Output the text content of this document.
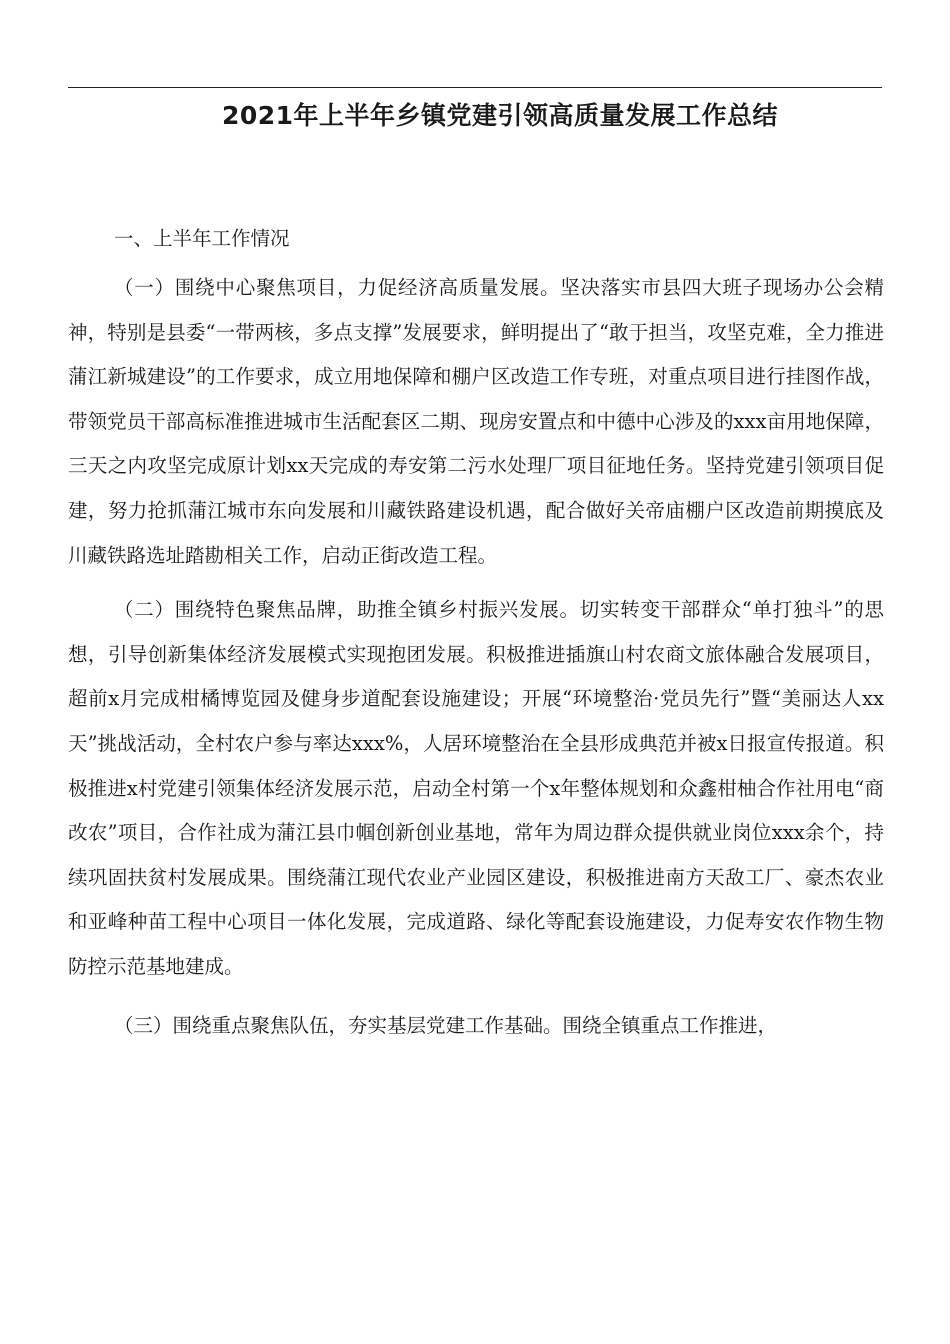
2021年上半年乡镇党建引领高质量发展工作总结

一、上半年工作情况

（一）围绕中心聚焦项目，力促经济高质量发展。坚决落实市县四大班子现场办公会精神，特别是县委“一带两核，多点支撑”发展要求，鲜明提出了“敢于担当，攻坚克难，全力推进蒲江新城建设”的工作要求，成立用地保障和棚户区改造工作专班，对重点项目进行挂图作战，带领党员干部高标准推进城市生活配套区二期、现房安置点和中德中心涉及的xxx亩用地保障，三天之内攻坚完成原计划xx天完成的寿安第二污水处理厂项目征地任务。坚持党建引领项目促建，努力抢抓蒲江城市东向发展和川藏铁路建设机遇，配合做好关帝庙棚户区改造前期摸底及川藏铁路选址踏勘相关工作，启动正街改造工程。

（二）围绕特色聚焦品牌，助推全镇乡村振兴发展。切实转变干部群众“单打独斗”的思想，引导创新集体经济发展模式实现抱团发展。积极推进插旗山村农商文旅体融合发展项目，超前x月完成柑橘博览园及健身步道配套设施建设；开展“环境整治·党员先行”暨“美丽达人xx天”挑战活动，全村农户参与率达xxx%，人居环境整治在全县形成典范并被x日报宣传报道。积极推进x村党建引领集体经济发展示范，启动全村第一个x年整体规划和众鑫柑柚合作社用电“商改农”项目，合作社成为蒲江县巾帼创新创业基地，常年为周边群众提供就业岗位xxx余个，持续巩固扶贫村发展成果。围绕蒲江现代农业产业园区建设，积极推进南方天敌工厂、豪杰农业和亚峰种苗工程中心项目一体化发展，完成道路、绿化等配套设施建设，力促寿安农作物生物防控示范基地建成。

（三）围绕重点聚焦队伍，夯实基层党建工作基础。围绕全镇重点工作推进，
